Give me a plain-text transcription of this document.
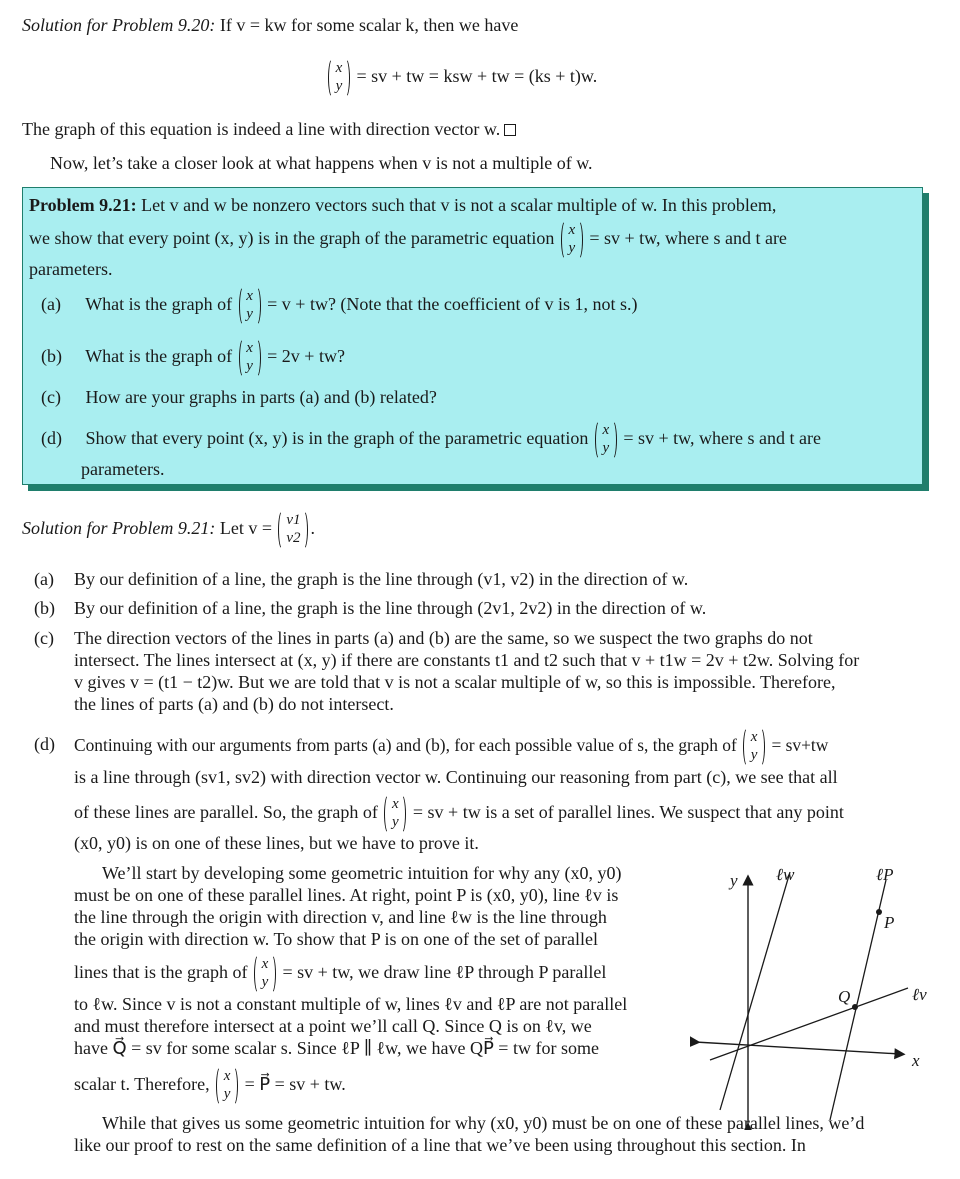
Solution for Problem 9.20: If v = kw for some scalar k, then we have
x
y = sv + tw = ksw + tw = (ks + t)w.
The graph of this equation is indeed a line with direction vector w.
Now, let’s take a closer look at what happens when v is not a multiple of w.
Problem 9.21: Let v and w be nonzero vectors such that v is not a scalar multiple of w. In this problem,
we show that every point (x, y) is in the graph of the parametric equation x
y = sv + tw, where s and t are
parameters.
(a) What is the graph of x
y = v + tw? (Note that the coefficient of v is 1, not s.)
(b) What is the graph of x
y = 2v + tw?
(c) How are your graphs in parts (a) and (b) related?
(d) Show that every point (x, y) is in the graph of the parametric equation x
y = sv + tw, where s and t are
parameters.
Solution for Problem 9.21: Let v = v1
v2 .
(a) By our definition of a line, the graph is the line through (v1, v2) in the direction of w.
(b) By our definition of a line, the graph is the line through (2v1, 2v2) in the direction of w.
(c)	The direction vectors of the lines in parts (a) and (b) are the same, so we suspect the two graphs do not
intersect. The lines intersect at (x, y) if there are constants t1 and t2 such that v + t1w = 2v + t2w. Solving for
v gives v = (t1 − t2)w. But we are told that v is not a scalar multiple of w, so this is impossible. Therefore,
the lines of parts (a) and (b) do not intersect.
(d)	Continuing with our arguments from parts (a) and (b), for each possible value of s, the graph of x
y = sv+tw
is a line through (sv1, sv2) with direction vector w. Continuing our reasoning from part (c), we see that all
of these lines are parallel. So, the graph of x
y = sv + tw is a set of parallel lines. We suspect that any point
(x0, y0) is on one of these lines, but we have to prove it.
We’ll start by developing some geometric intuition for why any (x0, y0)
must be on one of these parallel lines. At right, point P is (x0, y0), line ℓv is
the line through the origin with direction v, and line ℓw is the line through
the origin with direction w. To show that P is on one of the set of parallel
lines that is the graph of x
y = sv + tw, we draw line ℓP through P parallel
to ℓw. Since v is not a constant multiple of w, lines ℓv and ℓP are not parallel
and must therefore intersect at a point we’ll call Q. Since Q is on ℓv, we
have Q⃗ = sv for some scalar s. Since ℓP ∥ ℓw, we have QP⃗ = tw for some
scalar t. Therefore, x
y = P⃗ = sv + tw.
y
x
ℓw	ℓP
ℓv
P
Q
While that gives us some geometric intuition for why (x0, y0) must be on one of these parallel lines, we’d
like our proof to rest on the same definition of a line that we’ve been using throughout this section. In
